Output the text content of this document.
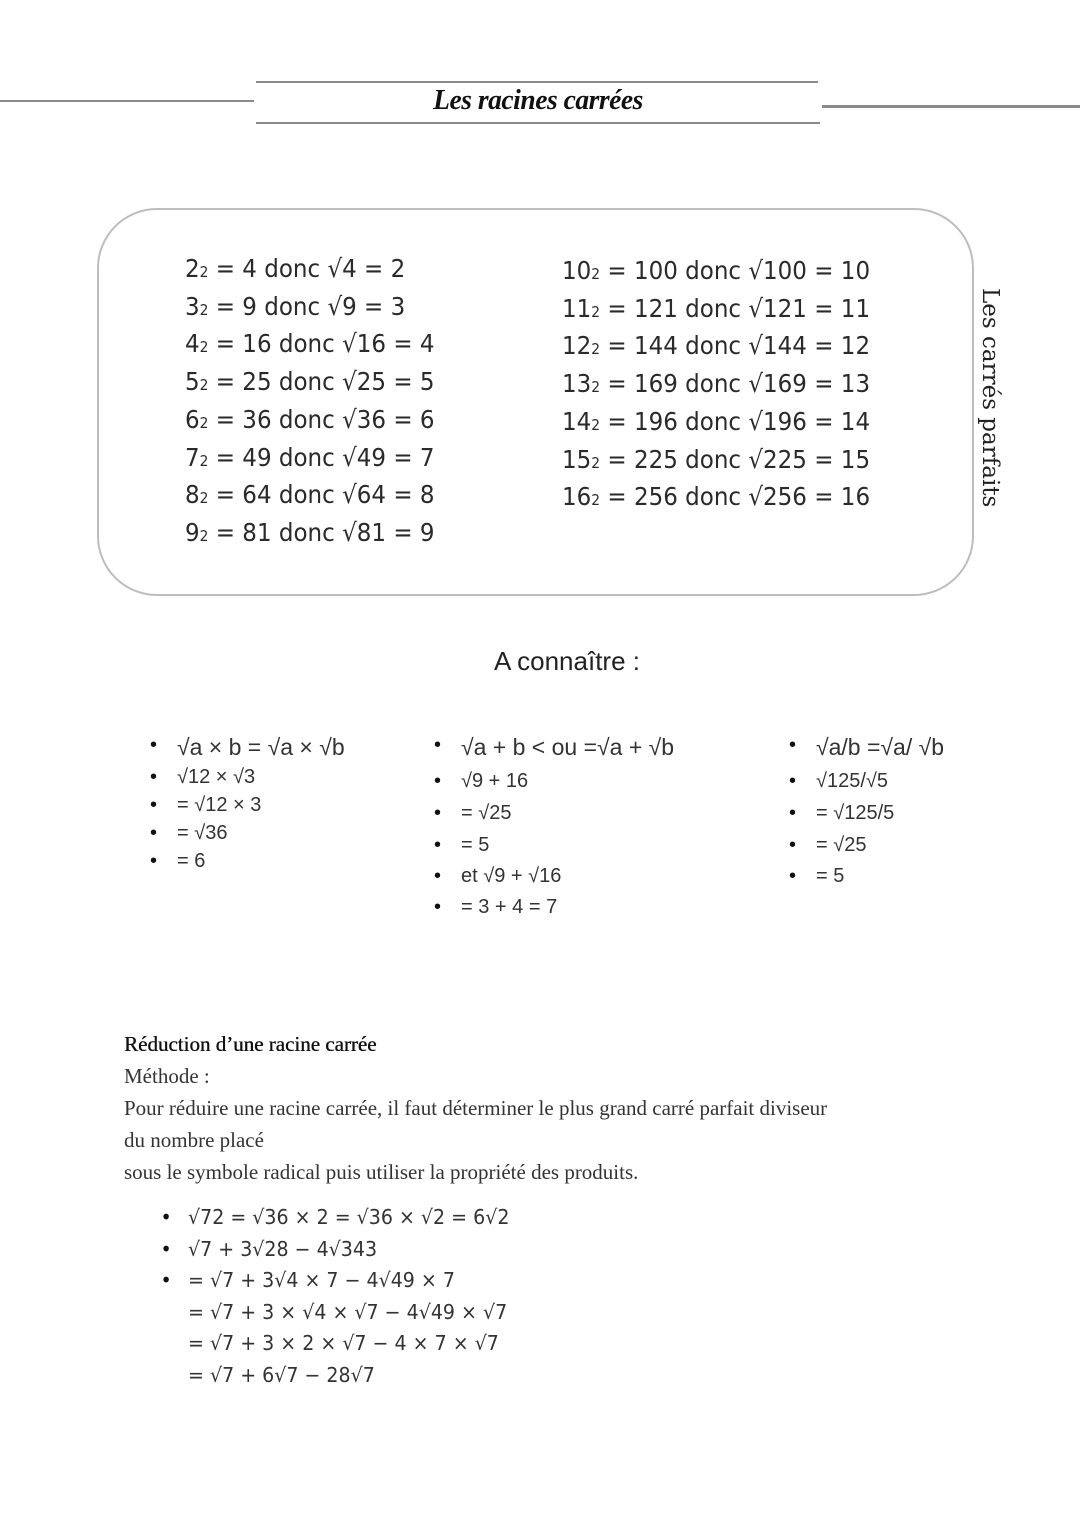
Les racines carrées
22 = 4 donc √4 = 2
32 = 9 donc √9 = 3
42 = 16 donc √16 = 4
52 = 25 donc √25 = 5
62 = 36 donc √36 = 6
72 = 49 donc √49 = 7
82 = 64 donc √64 = 8
92 = 81 donc √81 = 9
102 = 100 donc √100 = 10
112 = 121 donc √121 = 11
122 = 144 donc √144 = 12
132 = 169 donc √169 = 13
142 = 196 donc √196 = 14
152 = 225 donc √225 = 15
162 = 256 donc √256 = 16	Les carrés parfaits
A connaître :
• √a × b = √a × √b
• √12 × √3
• = √12 × 3
• = √36
• = 6
• √a + b < ou =√a + √b
• √9 + 16
• = √25
• = 5
• et √9 + √16
• = 3 + 4 = 7
• √a/b =√a/ √b
• √125/√5
• = √125/5
• = √25
• = 5
Réduction d’une racine carrée
Méthode :
Pour réduire une racine carrée, il faut déterminer le plus grand carré parfait diviseur
du nombre placé
sous le symbole radical puis utiliser la propriété des produits.
• √72 = √36 × 2 = √36 × √2 = 6√2
• √7 + 3√28 − 4√343
• = √7 + 3√4 × 7 − 4√49 × 7
= √7 + 3 × √4 × √7 − 4√49 × √7
= √7 + 3 × 2 × √7 − 4 × 7 × √7
= √7 + 6√7 − 28√7
